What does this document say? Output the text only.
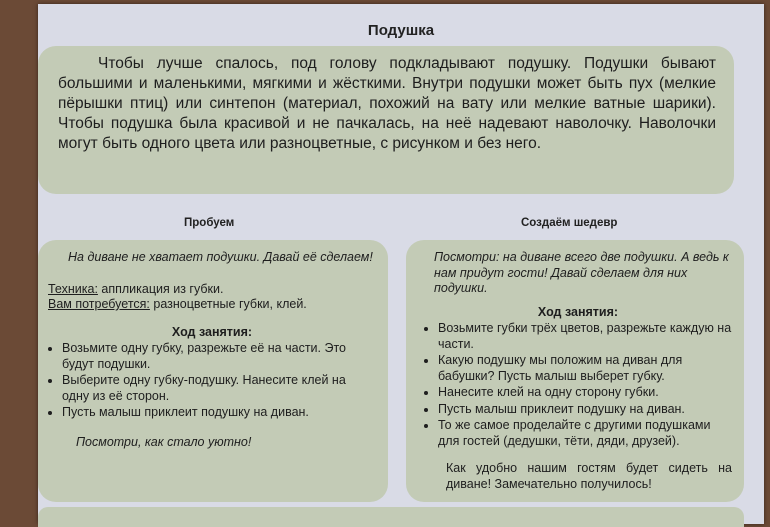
Подушка
Чтобы лучше спалось, под голову подкладывают подушку. Подушки бывают большими и маленькими, мягкими и жёсткими. Внутри подушки может быть пух (мелкие пёрышки птиц) или синтепон (материал, похожий на вату или мелкие ватные шарики). Чтобы подушка была красивой и не пачкалась, на неё надевают наволочку. Наволочки могут быть одного цвета или разноцветные, с рисунком и без него.
Пробуем	Создаём шедевр
На диване не хватает подушки. Давай её сделаем!
Техника: аппликация из губки.
Вам потребуется: разноцветные губки, клей.
Ход занятия:
• Возьмите одну губку, разрежьте её на части. Это будут подушки.
• Выберите одну губку-подушку. Нанесите клей на одну из её сторон.
• Пусть малыш приклеит подушку на диван.
Посмотри, как стало уютно!
Посмотри: на диване всего две подушки. А ведь к нам придут гости! Давай сделаем для них подушки.
Ход занятия:
• Возьмите губки трёх цветов, разрежьте каждую на части.
• Какую подушку мы положим на диван для бабушки? Пусть малыш выберет губку.
• Нанесите клей на одну сторону губки.
• Пусть малыш приклеит подушку на диван.
• То же самое проделайте с другими подушками для гостей (дедушки, тёти, дяди, друзей).
Как удобно нашим гостям будет сидеть на диване! Замечательно получилось!
